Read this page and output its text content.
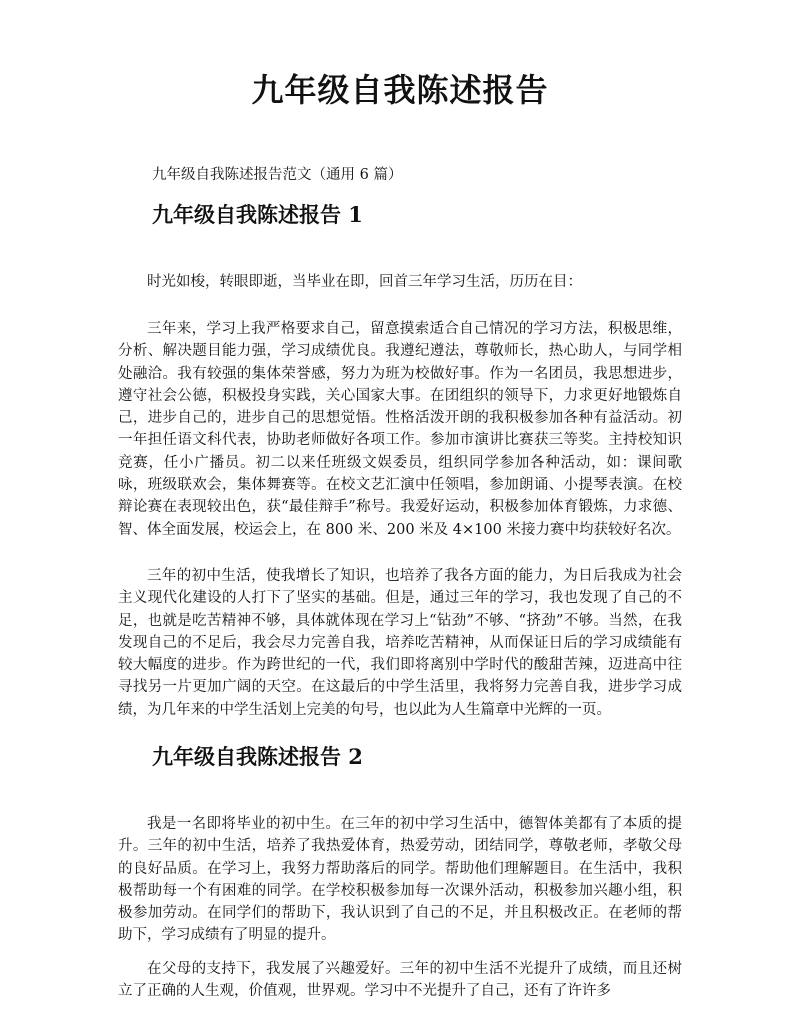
九年级自我陈述报告
九年级自我陈述报告范文（通用 6 篇）
九年级自我陈述报告 1

时光如梭，转眼即逝，当毕业在即，回首三年学习生活，历历在目：

三年来，学习上我严格要求自己，留意摸索适合自己情况的学习方法，积极思维，分析、解决题目能力强，学习成绩优良。我遵纪遵法，尊敬师长，热心助人，与同学相处融洽。我有较强的集体荣誉感，努力为班为校做好事。作为一名团员，我思想进步，遵守社会公德，积极投身实践，关心国家大事。在团组织的领导下，力求更好地锻炼自己，进步自己的，进步自己的思想觉悟。性格活泼开朗的我积极参加各种有益活动。初一年担任语文科代表，协助老师做好各项工作。参加市演讲比赛获三等奖。主持校知识竞赛，任小广播员。初二以来任班级文娱委员，组织同学参加各种活动，如：课间歌咏，班级联欢会，集体舞赛等。在校文艺汇演中任领唱，参加朗诵、小提琴表演。在校辩论赛在表现较出色，获“最佳辩手”称号。我爱好运动，积极参加体育锻炼，力求德、智、体全面发展，校运会上，在 800 米、200 米及 4×100 米接力赛中均获较好名次。

三年的初中生活，使我增长了知识，也培养了我各方面的能力，为日后我成为社会主义现代化建设的人打下了坚实的基础。但是，通过三年的学习，我也发现了自己的不足，也就是吃苦精神不够，具体就体现在学习上“钻劲”不够、“挤劲”不够。当然，在我发现自己的不足后，我会尽力完善自我，培养吃苦精神，从而保证日后的学习成绩能有较大幅度的进步。作为跨世纪的一代，我们即将离别中学时代的酸甜苦辣，迈进高中往寻找另一片更加广阔的天空。在这最后的中学生活里，我将努力完善自我，进步学习成绩，为几年来的中学生活划上完美的句号，也以此为人生篇章中光辉的一页。

九年级自我陈述报告 2

我是一名即将毕业的初中生。在三年的初中学习生活中，德智体美都有了本质的提升。三年的初中生活，培养了我热爱体育，热爱劳动，团结同学，尊敬老师，孝敬父母的良好品质。在学习上，我努力帮助落后的同学。帮助他们理解题目。在生活中，我积极帮助每一个有困难的同学。在学校积极参加每一次课外活动，积极参加兴趣小组，积极参加劳动。在同学们的帮助下，我认识到了自己的不足，并且积极改正。在老师的帮助下，学习成绩有了明显的提升。

在父母的支持下，我发展了兴趣爱好。三年的初中生活不光提升了成绩，而且还树立了正确的人生观，价值观，世界观。学习中不光提升了自己，还有了许许多
